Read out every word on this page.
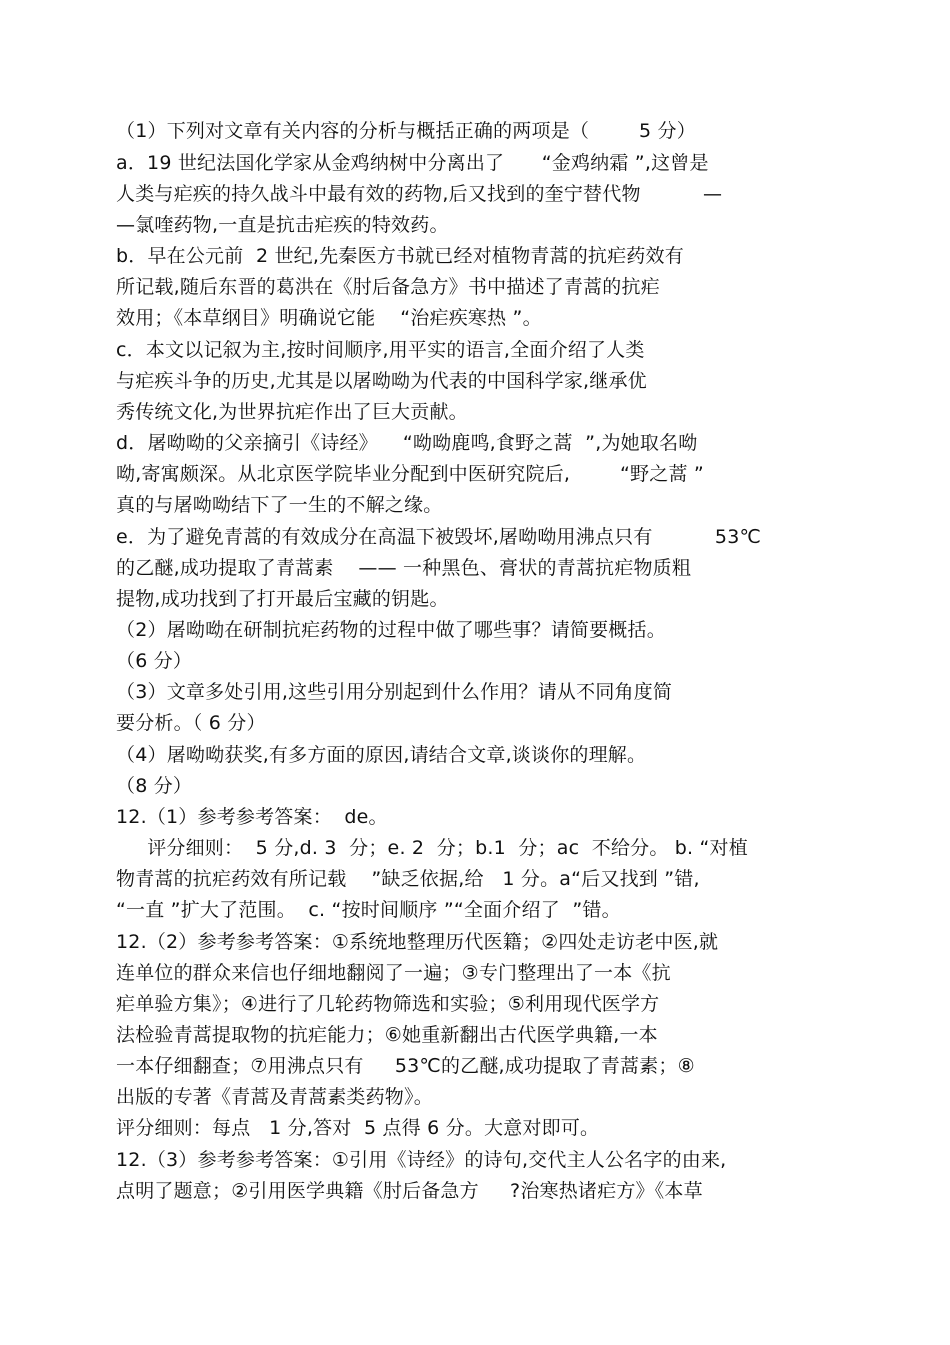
（1）下列对文章有关内容的分析与概括正确的两项是（        5 分）
a．19 世纪法国化学家从金鸡纳树中分离出了      “金鸡纳霜 ”,这曾是
人类与疟疾的持久战斗中最有效的药物,后又找到的奎宁替代物          —
—氯喹药物,一直是抗击疟疾的特效药。
b．早在公元前  2 世纪,先秦医方书就已经对植物青蒿的抗疟药效有
所记载,随后东晋的葛洪在《肘后备急方》书中描述了青蒿的抗疟
效用；《本草纲目》明确说它能    “治疟疾寒热 ”。
c．本文以记叙为主,按时间顺序,用平实的语言,全面介绍了人类
与疟疾斗争的历史,尤其是以屠呦呦为代表的中国科学家,继承优
秀传统文化,为世界抗疟作出了巨大贡献。
d．屠呦呦的父亲摘引《诗经》    “呦呦鹿鸣,食野之蒿  ”,为她取名呦
呦,寄寓颇深。从北京医学院毕业分配到中医研究院后,        “野之蒿 ”
真的与屠呦呦结下了一生的不解之缘。
e．为了避免青蒿的有效成分在高温下被毁坏,屠呦呦用沸点只有          53℃
的乙醚,成功提取了青蒿素    —— 一种黑色、膏状的青蒿抗疟物质粗
提物,成功找到了打开最后宝藏的钥匙。
（2）屠呦呦在研制抗疟药物的过程中做了哪些事？请简要概括。
（6 分）
（3）文章多处引用,这些引用分别起到什么作用？请从不同角度简
要分析。（ 6 分）
（4）屠呦呦获奖,有多方面的原因,请结合文章,谈谈你的理解。
（8 分）
12.（1）参考参考答案：  de。
评分细则：  5 分,d. 3  分；e. 2  分；b.1  分；ac  不给分。 b. “对植
物青蒿的抗疟药效有所记载    ”缺乏依据,给   1 分。a“后又找到 ”错,
“一直 ”扩大了范围。  c. “按时间顺序 ”“全面介绍了  ”错。
12.（2）参考参考答案：①系统地整理历代医籍；②四处走访老中医,就
连单位的群众来信也仔细地翻阅了一遍；③专门整理出了一本《抗
疟单验方集》；④进行了几轮药物筛选和实验；⑤利用现代医学方
法检验青蒿提取物的抗疟能力；⑥她重新翻出古代医学典籍,一本
一本仔细翻查；⑦用沸点只有     53℃的乙醚,成功提取了青蒿素；⑧
出版的专著《青蒿及青蒿素类药物》。
评分细则：每点   1 分,答对  5 点得 6 分。大意对即可。
12.（3）参考参考答案：①引用《诗经》的诗句,交代主人公名字的由来,
点明了题意；②引用医学典籍《肘后备急方     ?治寒热诸疟方》《本草
